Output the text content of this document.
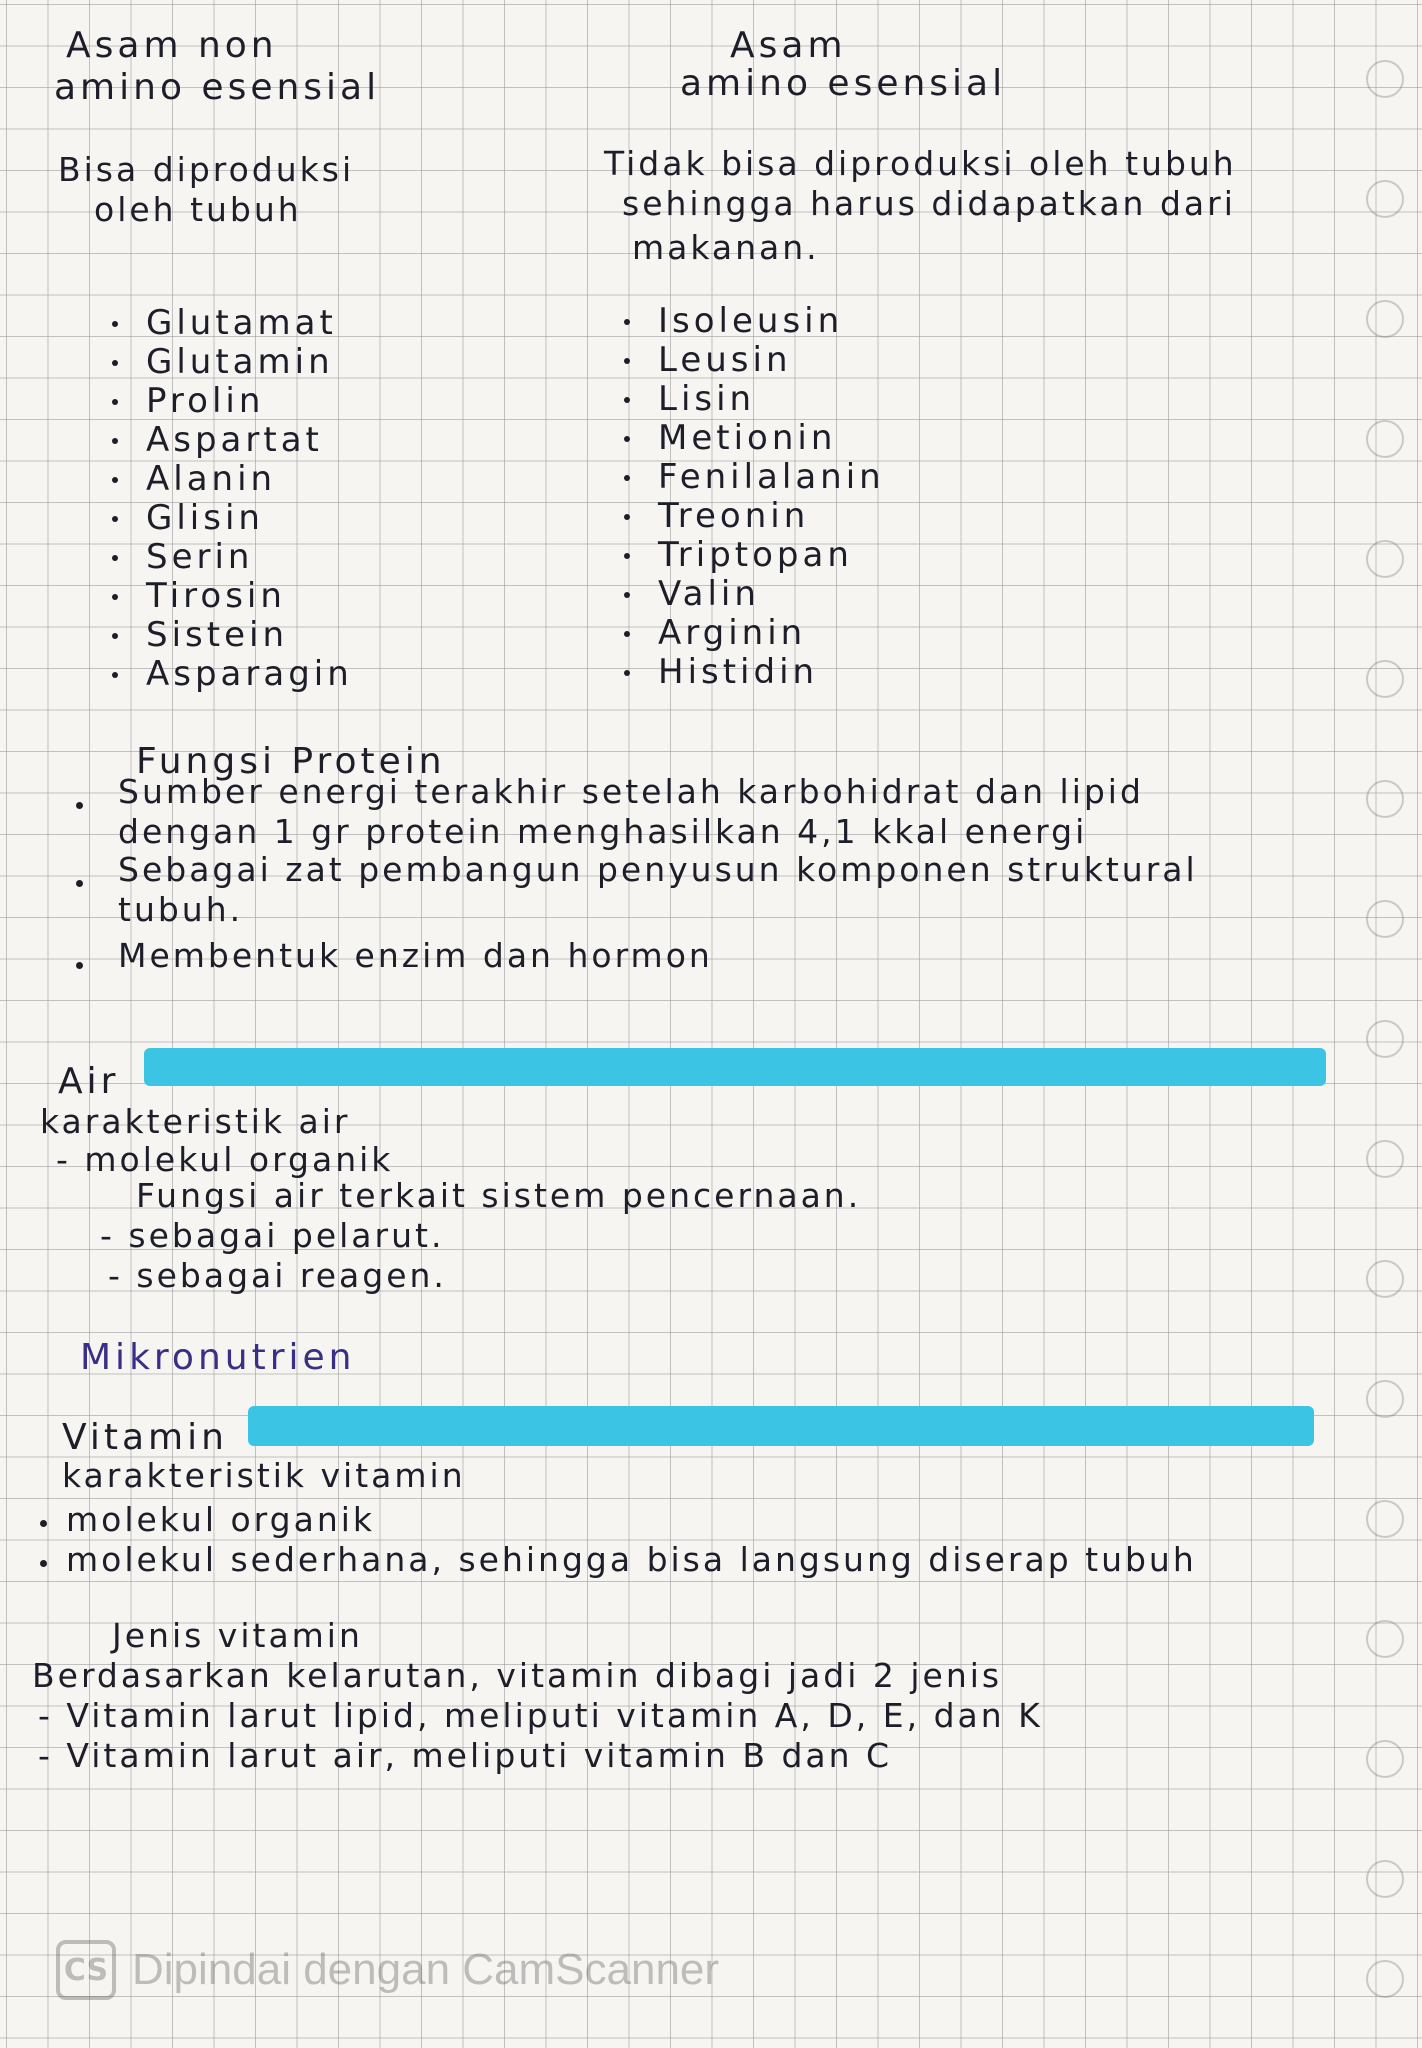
Asam non
amino esensial
Asam
amino esensial
Bisa diproduksi
oleh tubuh
Tidak bisa diproduksi oleh tubuh
sehingga harus didapatkan dari
makanan.
Glutamat
Glutamin
Prolin
Aspartat
Alanin
Glisin
Serin
Tirosin
Sistein
Asparagin
Isoleusin
Leusin
Lisin
Metionin
Fenilalanin
Treonin
Triptopan
Valin
Arginin
Histidin
Fungsi Protein
Sumber energi terakhir setelah karbohidrat dan lipid
dengan 1 gr protein menghasilkan 4,1 kkal energi
Sebagai zat pembangun penyusun komponen struktural
tubuh.
Membentuk enzim dan hormon
Air
karakteristik air
- molekul organik
Fungsi air terkait sistem pencernaan.
- sebagai pelarut.
- sebagai reagen.
Mikronutrien
Vitamin
karakteristik vitamin
molekul organik
molekul sederhana, sehingga bisa langsung diserap tubuh
Jenis vitamin
Berdasarkan kelarutan, vitamin dibagi jadi 2 jenis
- Vitamin larut lipid, meliputi vitamin A, D, E, dan K
- Vitamin larut air, meliputi vitamin B dan C
CS Dipindai dengan CamScanner
